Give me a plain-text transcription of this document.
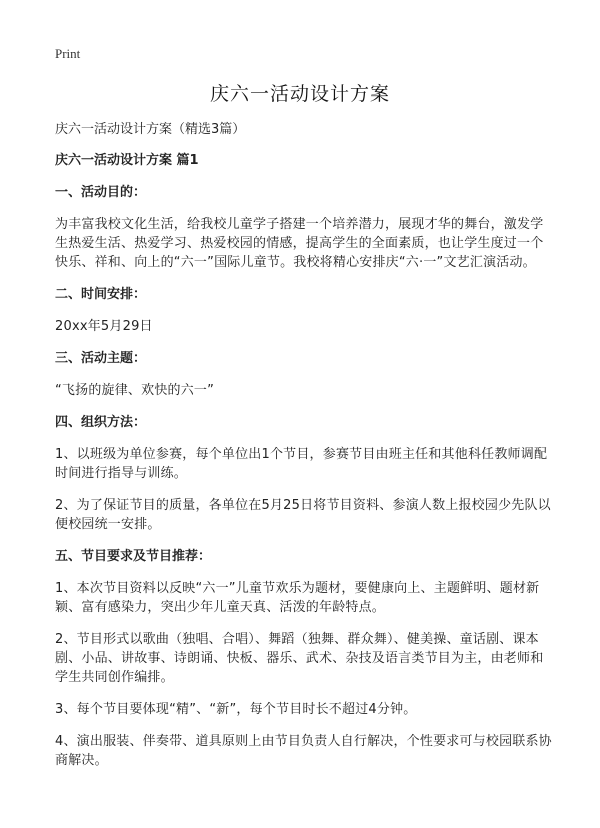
Print
庆六一活动设计方案

庆六一活动设计方案（精选3篇）

庆六一活动设计方案 篇1

一、活动目的：

为丰富我校文化生活，给我校儿童学子搭建一个培养潜力，展现才华的舞台，激发学生热爱生活、热爱学习、热爱校园的情感，提高学生的全面素质，也让学生度过一个快乐、祥和、向上的“六一”国际儿童节。我校将精心安排庆“六·一”文艺汇演活动。

二、时间安排：

20xx年5月29日

三、活动主题：

“飞扬的旋律、欢快的六一”

四、组织方法：

1、以班级为单位参赛，每个单位出1个节目，参赛节目由班主任和其他科任教师调配时间进行指导与训练。

2、为了保证节目的质量，各单位在5月25日将节目资料、参演人数上报校园少先队以便校园统一安排。

五、节目要求及节目推荐：

1、本次节目资料以反映“六一”儿童节欢乐为题材，要健康向上、主题鲜明、题材新颖、富有感染力，突出少年儿童天真、活泼的年龄特点。

2、节目形式以歌曲（独唱、合唱）、舞蹈（独舞、群众舞）、健美操、童话剧、课本剧、小品、讲故事、诗朗诵、快板、器乐、武术、杂技及语言类节目为主，由老师和学生共同创作编排。

3、每个节目要体现“精”、“新”，每个节目时长不超过4分钟。

4、演出服装、伴奏带、道具原则上由节目负责人自行解决，个性要求可与校园联系协商解决。
